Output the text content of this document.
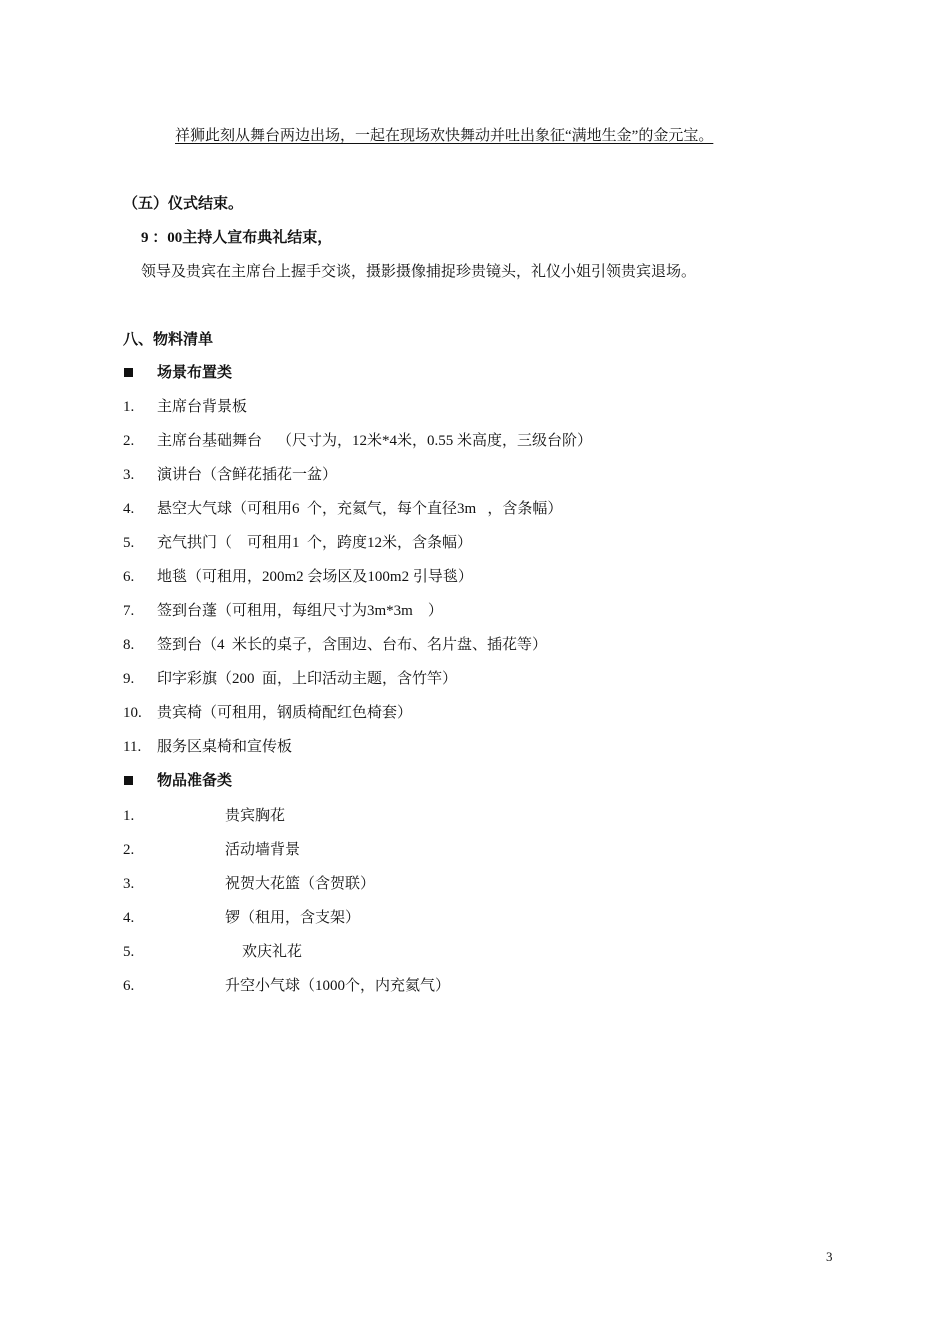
祥狮此刻从舞台两边出场，一起在现场欢快舞动并吐出象征“满地生金”的金元宝。
（五）仪式结束。
9 ：00主持人宣布典礼结束，
领导及贵宾在主席台上握手交谈，摄影摄像捕捉珍贵镜头，礼仪小姐引领贵宾退场。
八、物料清单
场景布置类
1. 主席台背景板
2. 主席台基础舞台    （尺寸为，12米*4米，0.55 米高度，三级台阶）
3. 演讲台（含鲜花插花一盆）
4. 悬空大气球（可租用6  个，充氦气，每个直径3m   ，含条幅）
5. 充气拱门（    可租用1  个，跨度12米，含条幅）
6. 地毯（可租用，200m2 会场区及100m2 引导毯）
7. 签到台蓬（可租用，每组尺寸为3m*3m    ）
8. 签到台（4  米长的桌子，含围边、台布、名片盘、插花等）
9. 印字彩旗（200  面，上印活动主题，含竹竿）
10. 贵宾椅（可租用，钢质椅配红色椅套）
11. 服务区桌椅和宣传板
物品准备类
1.	贵宾胸花
2.	活动墙背景
3.	祝贺大花篮（含贺联）
4.	锣（租用，含支架）
5.	欢庆礼花
6.	升空小气球（1000个，内充氦气）
3
